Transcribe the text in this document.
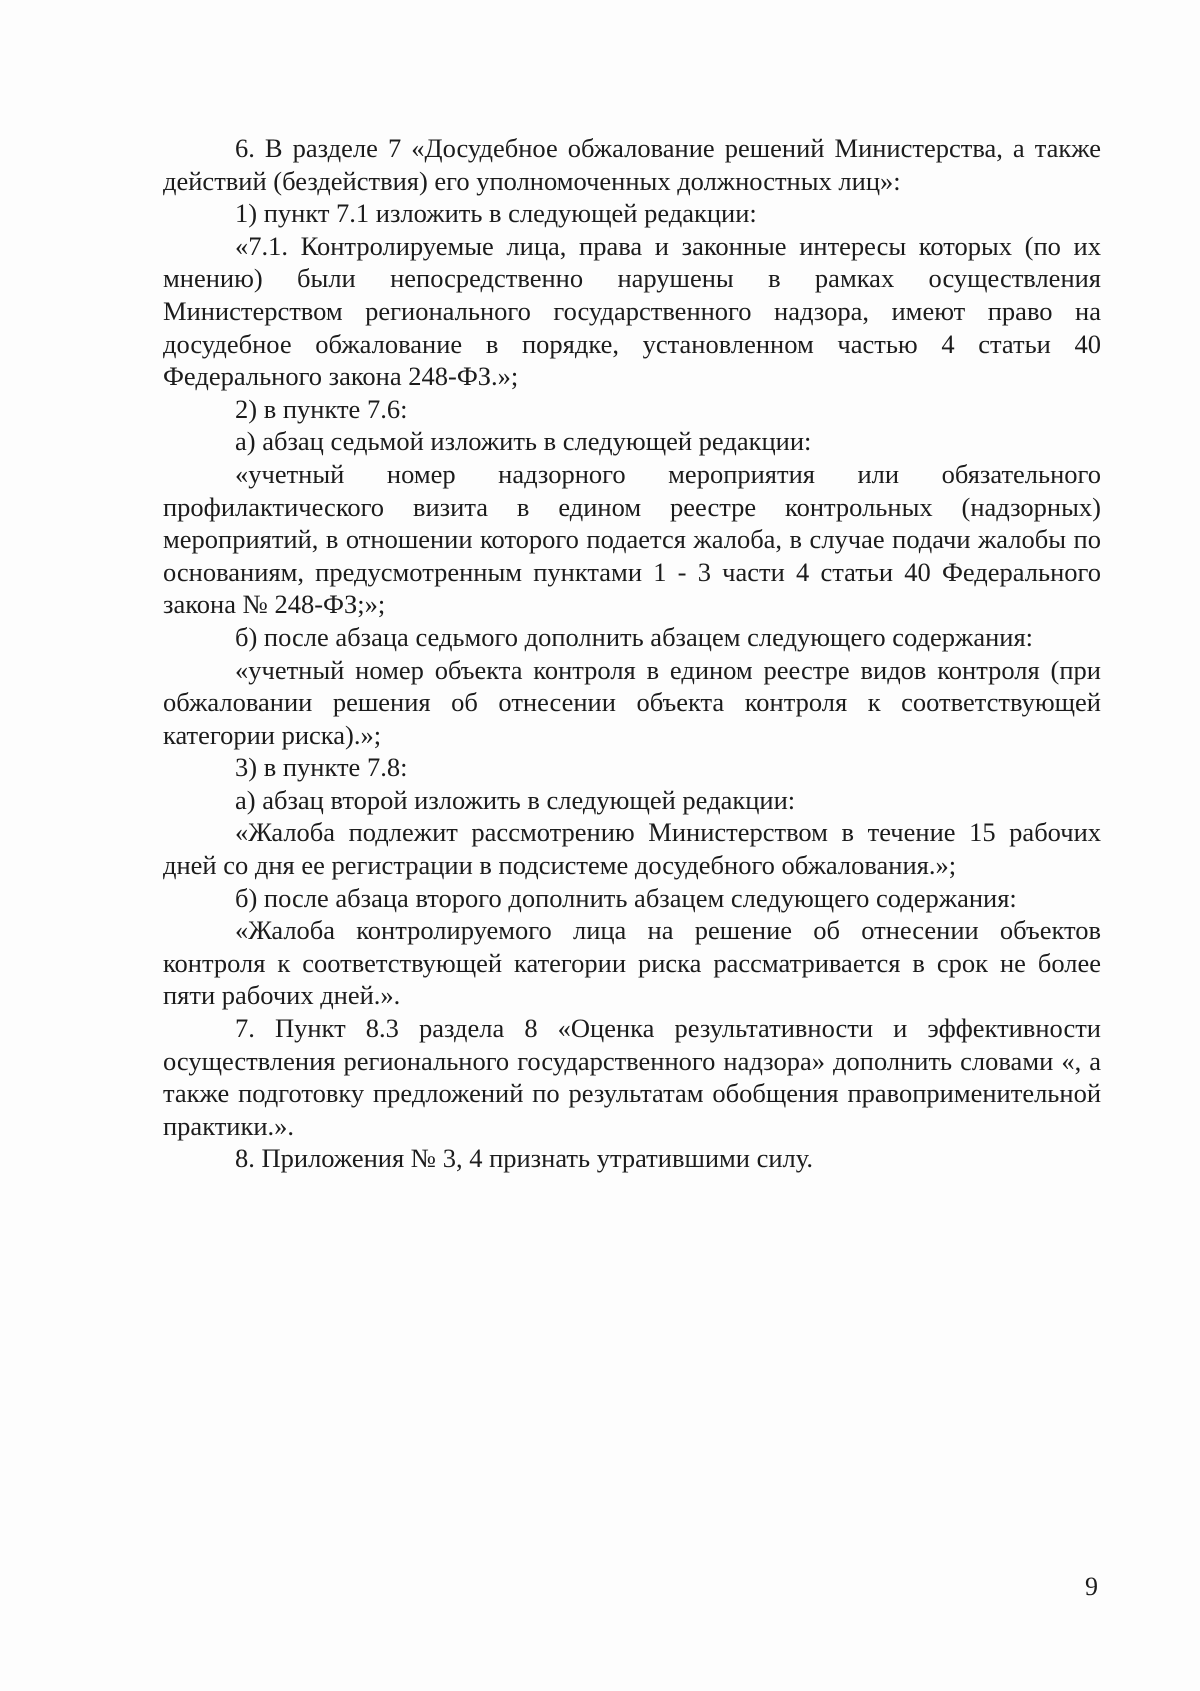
6. В разделе 7 «Досудебное обжалование решений Министерства, а также действий (бездействия) его уполномоченных должностных лиц»:

1) пункт 7.1 изложить в следующей редакции:

«7.1. Контролируемые лица, права и законные интересы которых (по их мнению) были непосредственно нарушены в рамках осуществления Министерством регионального государственного надзора, имеют право на досудебное обжалование в порядке, установленном частью 4 статьи 40 Федерального закона 248-ФЗ.»;

2) в пункте 7.6:

а) абзац седьмой изложить в следующей редакции:

«учетный номер надзорного мероприятия или обязательного профилактического визита в едином реестре контрольных (надзорных) мероприятий, в отношении которого подается жалоба, в случае подачи жалобы по основаниям, предусмотренным пунктами 1 - 3 части 4 статьи 40 Федерального закона № 248-ФЗ;»;

б) после абзаца седьмого дополнить абзацем следующего содержания:

«учетный номер объекта контроля в едином реестре видов контроля (при обжаловании решения об отнесении объекта контроля к соответствующей категории риска).»;

3) в пункте 7.8:

а) абзац второй изложить в следующей редакции:

«Жалоба подлежит рассмотрению Министерством в течение 15 рабочих дней со дня ее регистрации в подсистеме досудебного обжалования.»;

б) после абзаца второго дополнить абзацем следующего содержания:

«Жалоба контролируемого лица на решение об отнесении объектов контроля к соответствующей категории риска рассматривается в срок не более пяти рабочих дней.».

7. Пункт 8.3 раздела 8 «Оценка результативности и эффективности осуществления регионального государственного надзора» дополнить словами «, а также подготовку предложений по результатам обобщения правоприменительной практики.».

8. Приложения № 3, 4 признать утратившими силу.

9
